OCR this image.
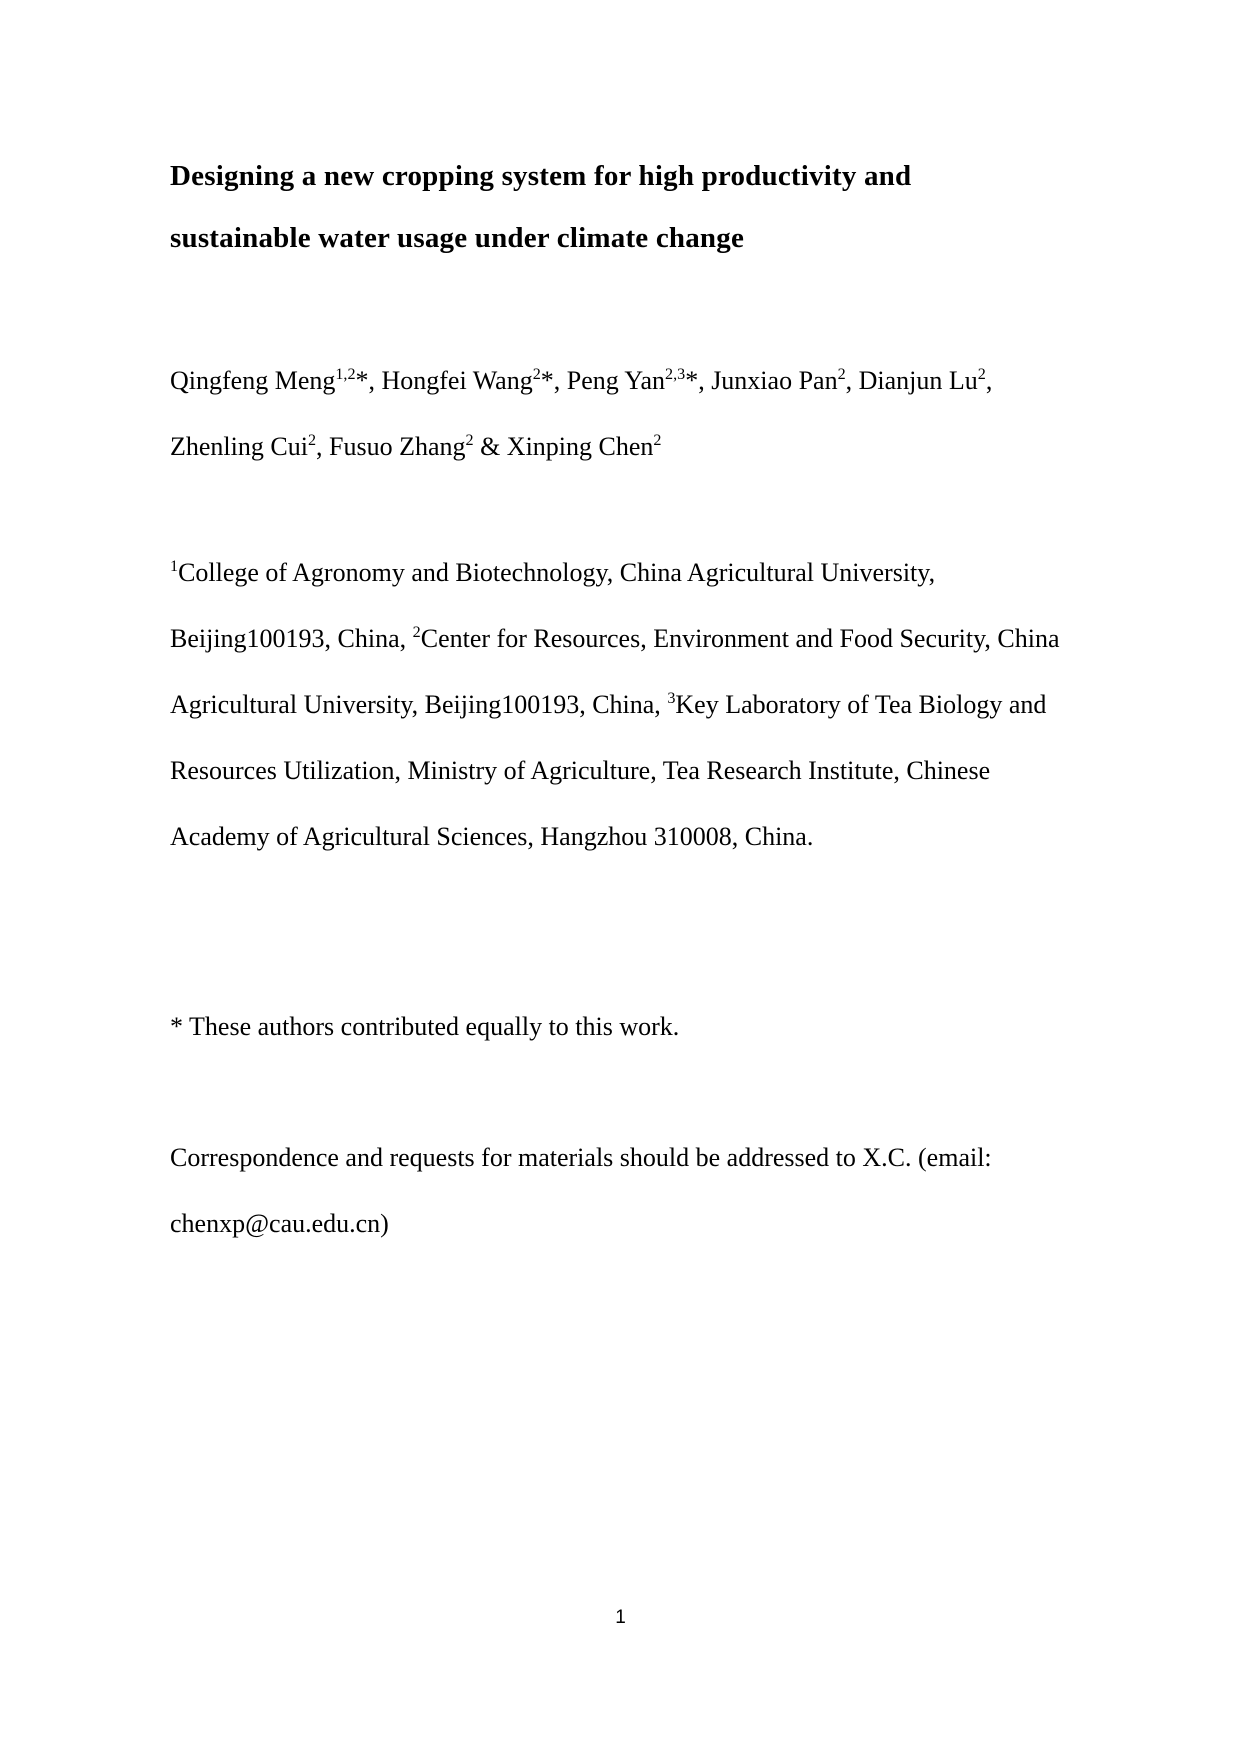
Designing a new cropping system for high productivity and
sustainable water usage under climate change
Qingfeng Meng$^{1,2}$*, Hongfei Wang$^2$*, Peng Yan$^{2,3}$*, Junxiao Pan$^2$, Dianjun Lu$^2$,
Zhenling Cui$^2$, Fusuo Zhang$^2$ & Xinping Chen$^2$
$^1$College of Agronomy and Biotechnology, China Agricultural University,
Beijing100193, China, $^2$Center for Resources, Environment and Food Security, China
Agricultural University, Beijing100193, China, $^3$Key Laboratory of Tea Biology and
Resources Utilization, Ministry of Agriculture, Tea Research Institute, Chinese
Academy of Agricultural Sciences, Hangzhou 310008, China.
* These authors contributed equally to this work.
Correspondence and requests for materials should be addressed to X.C. (email:
chenxp@cau.edu.cn)
1
